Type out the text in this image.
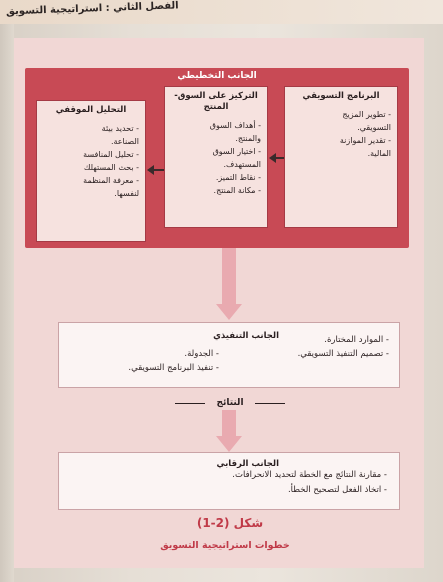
الفصل الثاني : استراتيجية التسويق
الجانب التخطيطي
البرنامج التسويقي
- تطوير المزيج
التسويقي.
- تقدير الموازنة
المالية.
التركيز على السوق- المنتج
- أهداف السوق
والمنتج.
- اختيار السوق
المستهدف.
- نقاط التميز.
- مكانة المنتج.
التحليل الموقفي
- تحديد بيئة
الصناعة.
- تحليل المنافسة
- بحث المستهلك
- معرفة المنظمة
لنفسها.
الجانب التنفيذي	- الموارد المختارة.
- تصميم التنفيذ التسويقي.
- الجدولة.
- تنفيذ البرنامج التسويقي.
النتائج
الجانب الرقابي
- مقارنة النتائج مع الخطة لتحديد الانحرافات.
- اتخاذ الفعل لتصحيح الخطأ.
شكل (2-1)
خطوات استراتيجية التسويق
